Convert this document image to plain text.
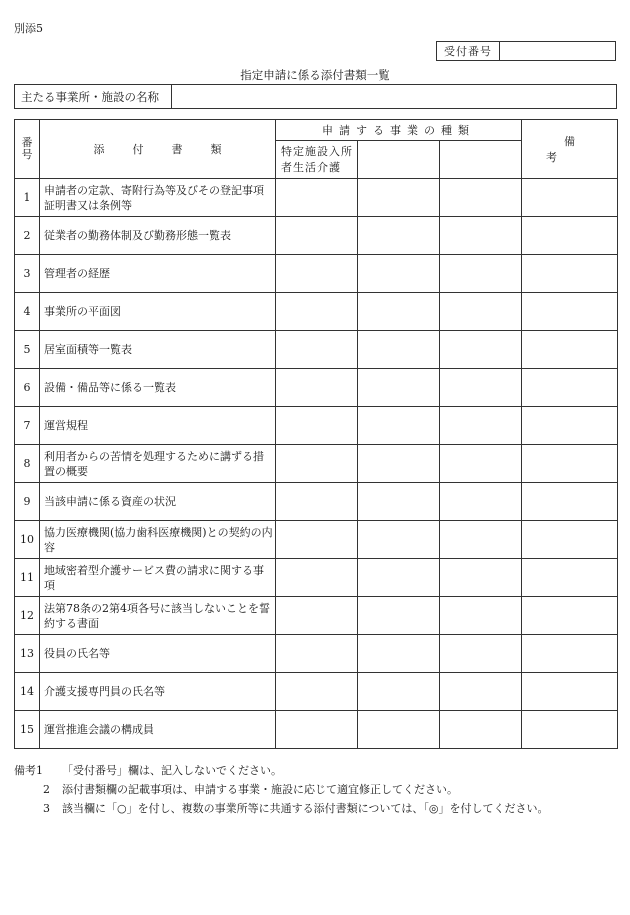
別添5
受付番号
指定申請に係る添付書類一覧
主たる事業所・施設の名称
番号	添付書類	申請する事業の種類			備考
		特定施設入所者生活介護			
1	申請者の定款、寄附行為等及びその登記事項証明書又は条例等				
2	従業者の勤務体制及び勤務形態一覧表				
3	管理者の経歴				
4	事業所の平面図				
5	居室面積等一覧表				
6	設備・備品等に係る一覧表				
7	運営規程				
8	利用者からの苦情を処理するために講ずる措置の概要				
9	当該申請に係る資産の状況				
10	協力医療機関(協力歯科医療機関)との契約の内容				
11	地域密着型介護サービス費の請求に関する事項				
12	法第78条の2第4項各号に該当しないことを誓約する書面				
13	役員の氏名等				
14	介護支援専門員の氏名等				
15	運営推進会議の構成員				
備考1	「受付番号」欄は、記入しないでください。
2	添付書類欄の記載事項は、申請する事業・施設に応じて適宜修正してください。
3	該当欄に「○」を付し、複数の事業所等に共通する添付書類については、「◎」を付してください。
